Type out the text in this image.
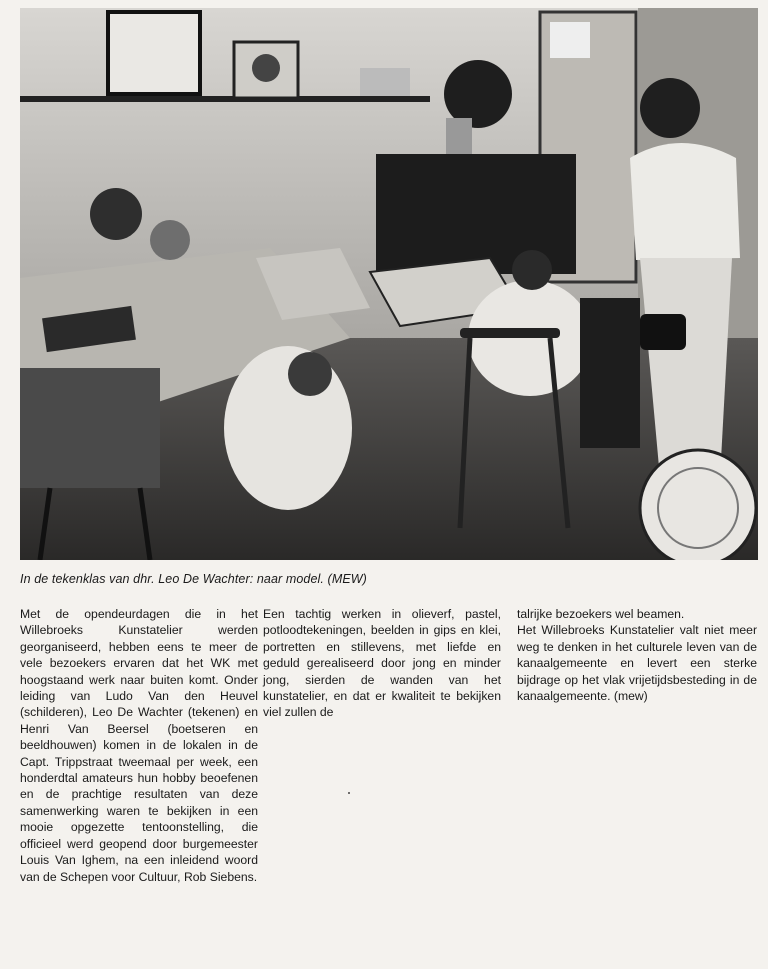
In de tekenklas van dhr. Leo De Wachter: naar model. (MEW)

Met de opendeurdagen die in het Willebroeks Kunstatelier werden georganiseerd, hebben eens te meer de vele bezoekers ervaren dat het WK met hoogstaand werk naar buiten komt. Onder leiding van Ludo Van den Heuvel (schilderen), Leo De Wachter (tekenen) en Henri Van Beersel (boetseren en beeldhouwen) komen in de lokalen in de Capt. Trippstraat tweemaal per week, een honderdtal amateurs hun hobby beoefenen en de prachtige resultaten van deze samenwerking waren te bekijken in een mooie opgezette tentoonstelling, die officieel werd geopend door burgemeester Louis Van Ighem, na een inleidend woord van de Schepen voor Cultuur, Rob Siebens.

Een tachtig werken in olieverf, pastel, potloodtekeningen, beelden in gips en klei, portretten en stillevens, met liefde en geduld gerealiseerd door jong en minder jong, sierden de wanden van het kunstatelier, en dat er kwaliteit te bekijken viel zullen de

talrijke bezoekers wel beamen.

Het Willebroeks Kunstatelier valt niet meer weg te denken in het culturele leven van de kanaalgemeente en levert een sterke bijdrage op het vlak vrijetijdsbesteding in de kanaalgemeente. (mew)
